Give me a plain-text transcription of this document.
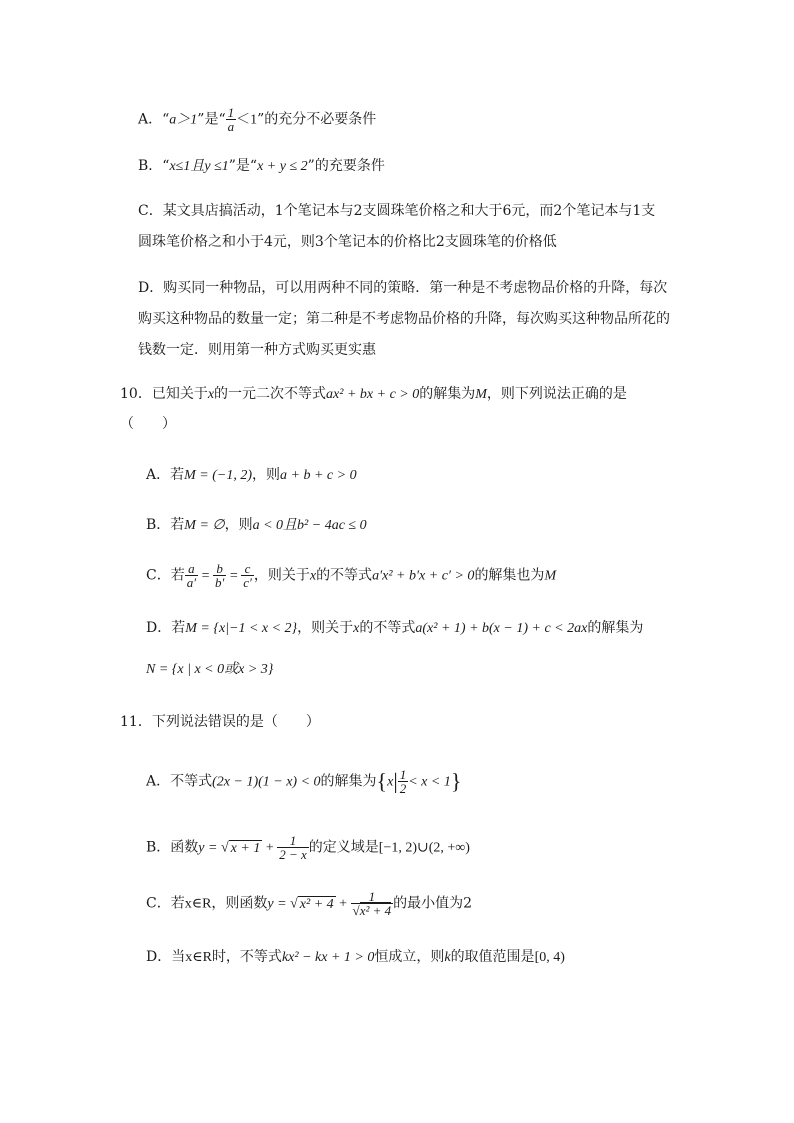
A．“a＞1”是“ $\frac{1}{a} <1$”的充分不必要条件
B．“x≤1且y ≤1”是“x + y ≤ 2”的充要条件
C．某文具店搞活动，1个笔记本与2支圆珠笔价格之和大于6元，而2个笔记本与1支
圆珠笔价格之和小于4元，则3个笔记本的价格比2支圆珠笔的价格低
D．购买同一种物品，可以用两种不同的策略．第一种是不考虑物品价格的升降，每次
购买这种物品的数量一定；第二种是不考虑物品价格的升降，每次购买这种物品所花的
钱数一定．则用第一种方式购买更实惠
10．已知关于x的一元二次不等式ax² + bx + c > 0的解集为M，则下列说法正确的是
（　　）
A．若M = (−1, 2)，则a + b + c > 0
B．若M = ∅，则a < 0且b² − 4ac ≤ 0
C．若 $\frac{a}{a'} = \frac{b}{b'} = \frac{c}{c'}$ ，则关于x的不等式a′x² + b′x + c′ > 0的解集也为M
D．若M = {x|−1 < x < 2}，则关于x的不等式a(x² + 1) + b(x − 1) + c < 2ax的解集为
N = {x | x < 0或x > 3}
11．下列说法错误的是（　　）
A．不等式(2x − 1)(1 − x) < 0的解集为$\{x| \frac{1}{2} < x < 1\}$
B．函数y = √ $x + 1 + \frac{1}{2 - x}$ 的定义域是[−1, 2)∪(2, +∞)
C．若x∈R，则函数y = √ $x^2 + 4 + \frac{1}{\text{√x² + 4}}$ 的最小值为2
D．当x∈R时，不等式kx² − kx + 1 > 0恒成立，则k的取值范围是[0, 4)
